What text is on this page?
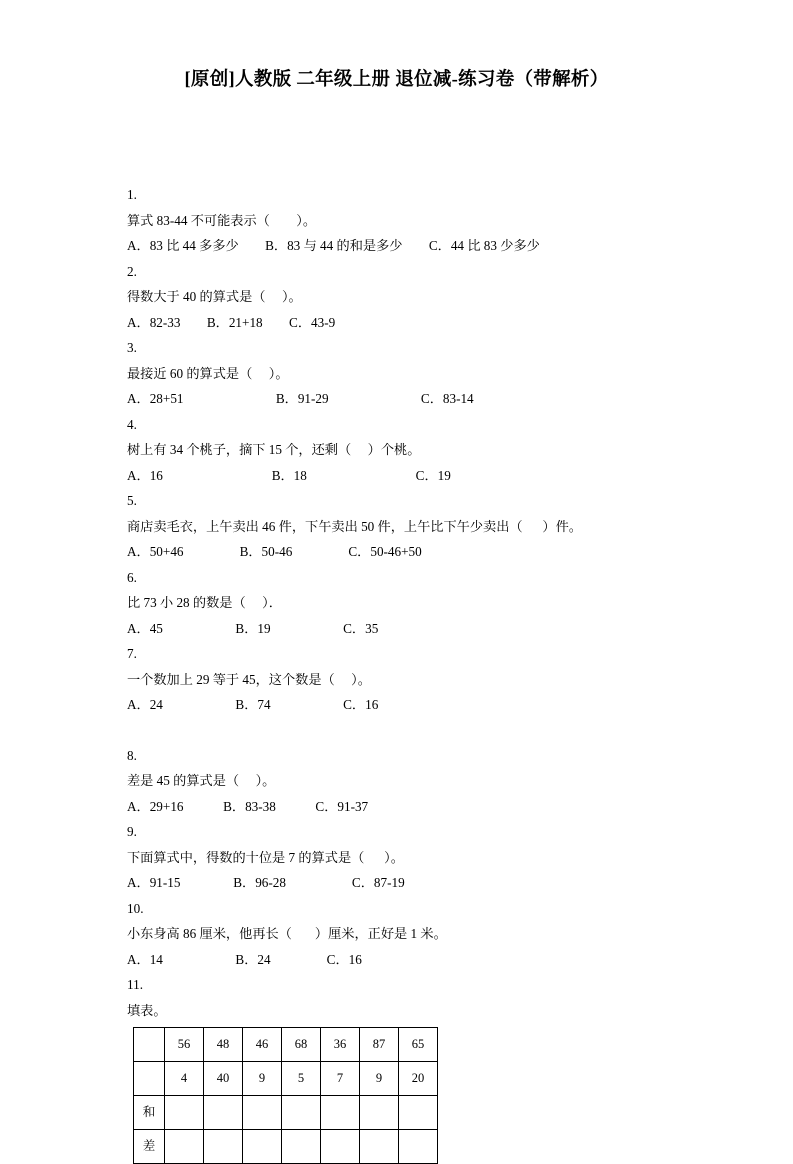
[原创]人教版 二年级上册 退位减-练习卷（带解析）
1.
算式 83-44 不可能表示（        ）。
A．83 比 44 多多少        B．83 与 44 的和是多少        C．44 比 83 少多少
2.
得数大于 40 的算式是（     ）。
A．82-33        B．21+18        C．43-9
3.
最接近 60 的算式是（     ）。
A．28+51                            B．91-29                            C．83-14
4.
树上有 34 个桃子，摘下 15 个，还剩（     ）个桃。
A．16                                 B．18                                 C．19
5.
商店卖毛衣，上午卖出 46 件，下午卖出 50 件，上午比下午少卖出（      ）件。
A．50+46                 B．50-46                 C．50-46+50
6.
比 73 小 28 的数是（     ）．
A．45                      B．19                      C．35
7.
一个数加上 29 等于 45，这个数是（     ）。
A．24                      B．74                      C．16
8.
差是 45 的算式是（     ）。
A．29+16            B．83-38            C．91-37
9.
下面算式中，得数的十位是 7 的算式是（      ）。
A．91-15                B．96-28                    C．87-19
10.
小东身高 86 厘米，他再长（       ）厘米，正好是 1 米。
A．14                      B．24                 C．16
11.
填表。
	56	48	46	68	36	87	65
	4	40	9	5	7	9	20
和							
差							
